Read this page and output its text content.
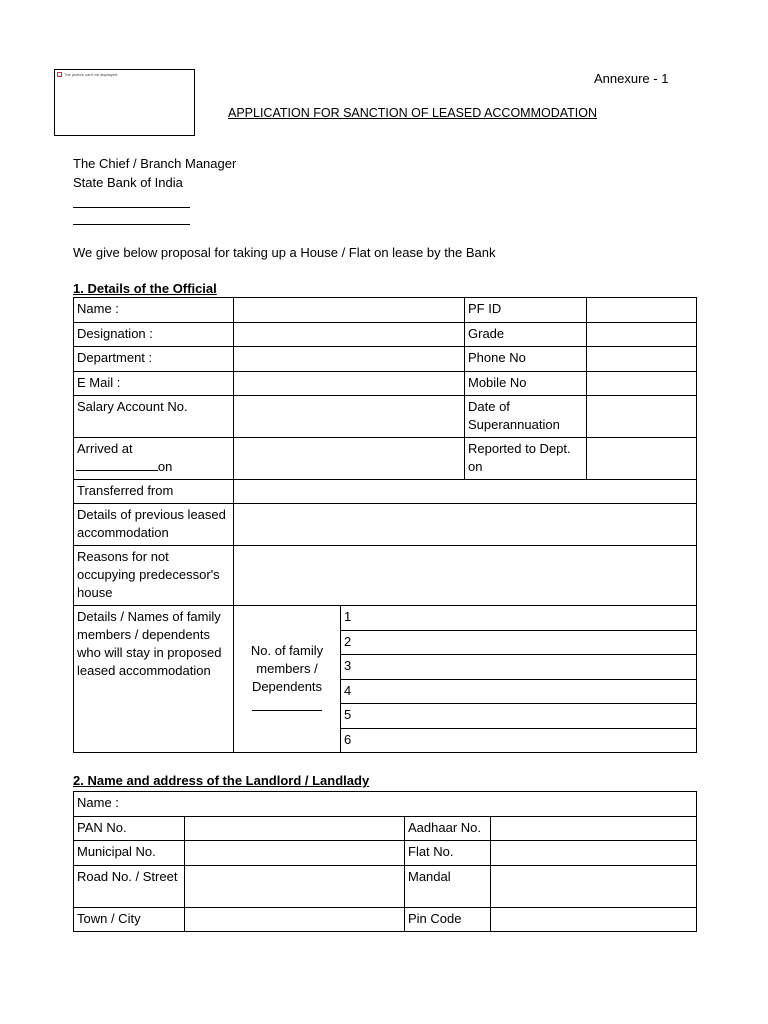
The picture can't be displayed.	Annexure - 1
APPLICATION FOR SANCTION OF LEASED ACCOMMODATION
The Chief / Branch Manager
State Bank of India
We give below proposal for taking up a House / Flat on lease by the Bank
1. Details of the Official
Name :			PF ID	
Designation :			Grade	
Department :			Phone No	
E Mail :			Mobile No	
Salary Account No.			Date of Superannuation	
Arrived at
on			Reported to Dept. on	
Transferred from				
Details of previous leased accommodation				
Reasons for not occupying predecessor's house				
Details / Names of family members / dependents who will stay in proposed leased accommodation	No. of family members / Dependents	1		
		2		
		3		
		4		
		5		
		6		
2. Name and address of the Landlord / Landlady
Name :			
PAN No.		Aadhaar No.	
Municipal No.		Flat No.	
Road No. / Street		Mandal	
Town / City		Pin Code	
